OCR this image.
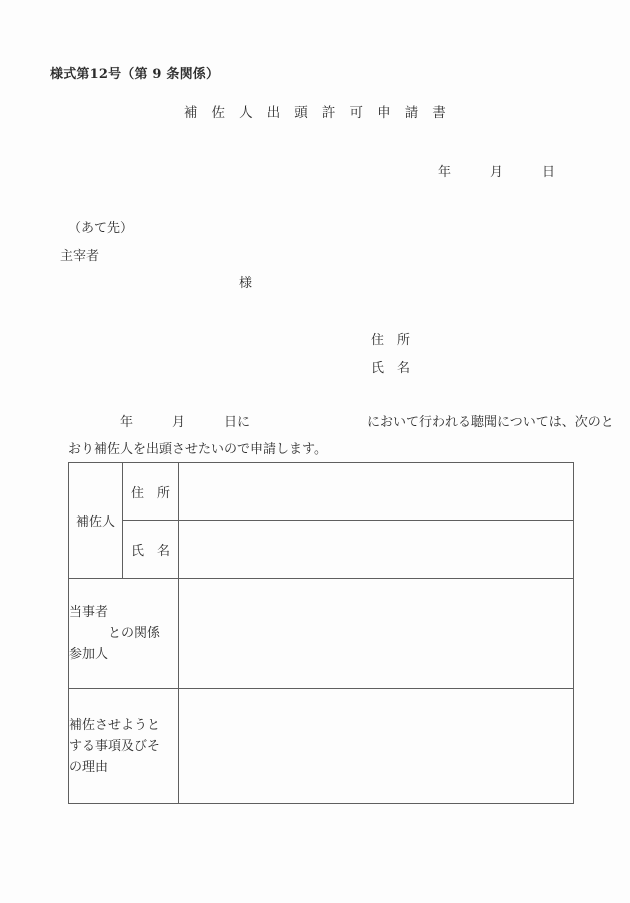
様式第12号（第 9 条関係）
補　佐　人　出　頭　許　可　申　請　書
年　　　月　　　日
（あて先）
主宰者
様
住　所
氏　名
　　　　年　　　月　　　日に　　　　　　　　　において行われる聴聞については、次のと
おり補佐人を出頭させたいので申請します。
補佐人	住　所	
	氏　名	

当事者
　　　との関係
参加人		

補佐させようと
する事項及びそ
の理由		
